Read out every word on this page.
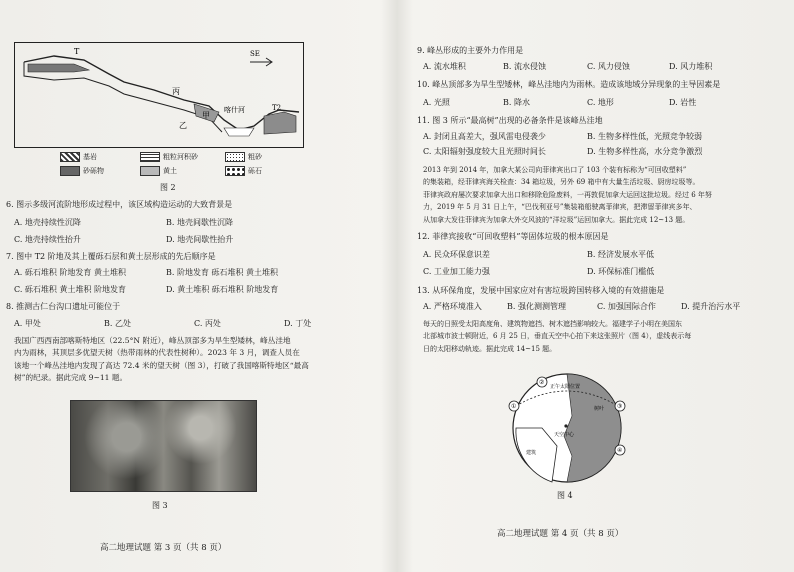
T	SE
丙
喀什河
乙
甲
T2
基岩	粗粒河积砂	粗砂
砂砾物	黄土	砾石
图 2
6. 图示多级河流阶地形成过程中，该区域构造运动的大致背景是
A. 地壳持续性沉降	B. 地壳间歇性沉降
C. 地壳持续性抬升	D. 地壳间歇性抬升
7. 图中 T2 阶地及其上覆砾石层和黄土层形成的先后顺序是
A. 砾石堆积 阶地发育 黄土堆积	B. 阶地发育 砾石堆积 黄土堆积
C. 砾石堆积 黄土堆积 阶地发育	D. 黄土堆积 砾石堆积 阶地发育
8. 推测古仁台沟口遗址可能位于
A. 甲处	B. 乙处	C. 丙处	D. 丁处
我国广西西南部喀斯特地区（22.5°N 附近），峰丛顶部多为旱生型矮林，峰丛洼地
内为雨林，其顶层多优望天树（热带雨林的代表性树种）。2023 年 3 月，调查人员在
该地一个峰丛洼地内发现了高达 72.4 米的望天树（图 3），打破了我国喀斯特地区“最高
树”的纪录。据此完成 9~11 题。
图 3
高二地理试题 第 3 页（共 8 页）
9. 峰丛形成的主要外力作用是
A. 流水堆积	B. 流水侵蚀	C. 风力侵蚀	D. 风力堆积
10. 峰丛顶部多为旱生型矮林，峰丛洼地内为雨林。造成该地域分异现象的主导因素是
A. 光照	B. 降水	C. 地形	D. 岩性
11. 图 3 所示“最高树”出现的必备条件是该峰丛洼地
A. 封闭且高差大，强风雷电侵袭少	B. 生物多样性低，光照竞争较弱
C. 太阳辐射强度较大且光照时间长	D. 生物多样性高，水分竞争激烈
2013 年到 2014 年，加拿大某公司向菲律宾出口了 103 个装有标称为“可回收塑料”
的集装箱，经菲律宾海关检查：34 箱垃圾，另外 69 箱中有大量生活垃圾、厨房垃圾等。
菲律宾政府屡次要求加拿大出口和移除危险废料，一再敦促加拿大运回这批垃圾。经过 6 年努
力，2019 年 5 月 31 日上午，“巴伐利亚号”集装箱船驶离菲律宾，把滞留菲律宾多年、
从加拿大发往菲律宾为加拿大外交风波的“洋垃圾”运回加拿大。据此完成 12~13 题。
12. 菲律宾接收“可回收塑料”等固体垃圾的根本原因是
A. 民众环保意识差	B. 经济发展水平低
C. 工业加工能力强	D. 环保标准门槛低
13. 从环保角度，发展中国家应对有害垃圾跨国转移入境的有效措施是
A. 严格环境准入	B. 强化测测管理	C. 加强国际合作	D. 提升治污水平
每天的日照受太阳高度角、建筑物遮挡、树木遮挡影响较大。福建学子小明在美国东
北部城市波士顿附近，6 月 25 日，垂直天空中心拍下来这张照片（图 4），虚线表示每
日的太阳移动轨迹。据此完成 14~15 题。
正午太阳位置
树叶
天空中心
建筑
①
②
③
④
图 4
高二地理试题 第 4 页（共 8 页）
